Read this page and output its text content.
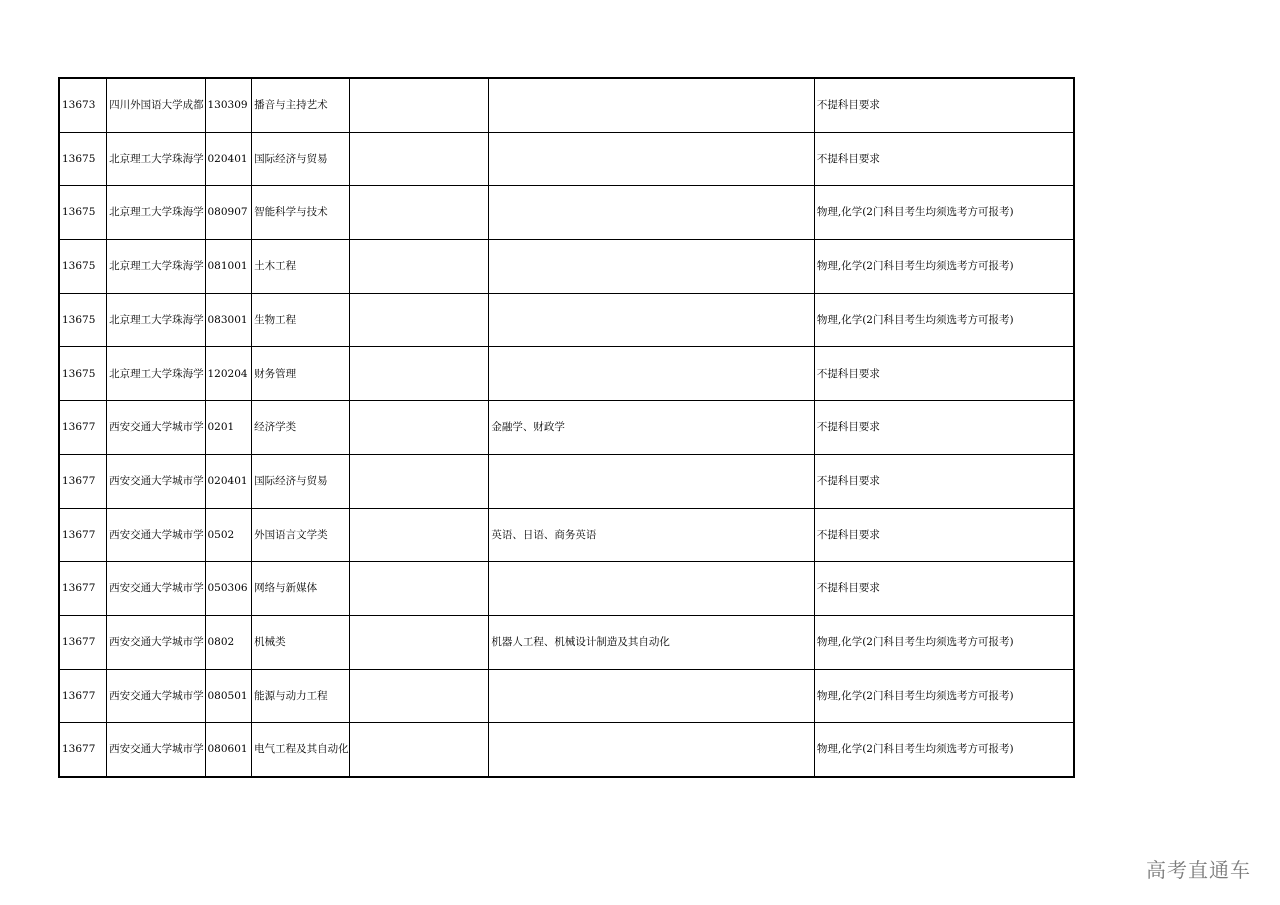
13673	四川外国语大学成都	130309	播音与主持艺术			不提科目要求
13675	北京理工大学珠海学	020401	国际经济与贸易			不提科目要求
13675	北京理工大学珠海学	080907	智能科学与技术			物理,化学(2门科目考生均须选考方可报考)
13675	北京理工大学珠海学	081001	土木工程			物理,化学(2门科目考生均须选考方可报考)
13675	北京理工大学珠海学	083001	生物工程			物理,化学(2门科目考生均须选考方可报考)
13675	北京理工大学珠海学	120204	财务管理			不提科目要求
13677	西安交通大学城市学	0201	经济学类		金融学、财政学	不提科目要求
13677	西安交通大学城市学	020401	国际经济与贸易			不提科目要求
13677	西安交通大学城市学	0502	外国语言文学类		英语、日语、商务英语	不提科目要求
13677	西安交通大学城市学	050306	网络与新媒体			不提科目要求
13677	西安交通大学城市学	0802	机械类		机器人工程、机械设计制造及其自动化	物理,化学(2门科目考生均须选考方可报考)
13677	西安交通大学城市学	080501	能源与动力工程			物理,化学(2门科目考生均须选考方可报考)
13677	西安交通大学城市学	080601	电气工程及其自动化			物理,化学(2门科目考生均须选考方可报考)
高考直通车
